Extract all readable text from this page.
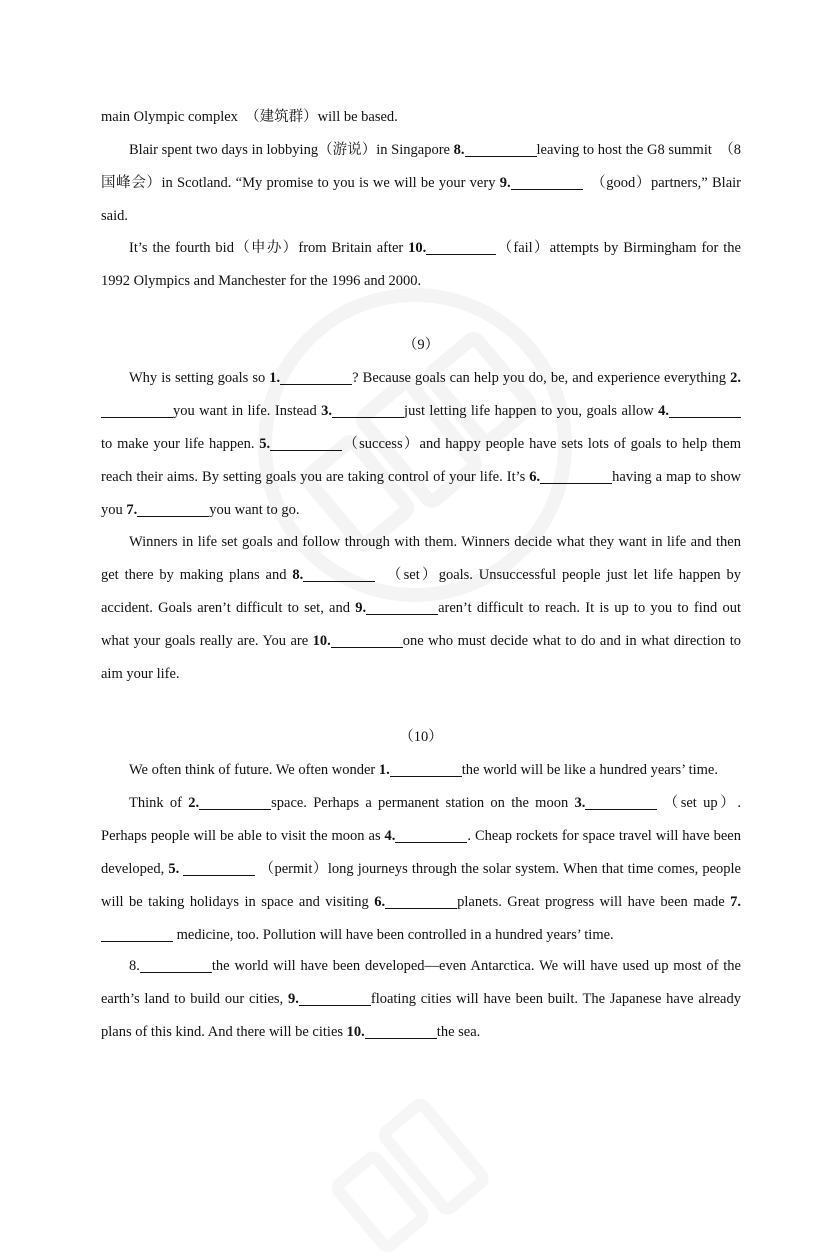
main Olympic complex  （建筑群）will be based.

Blair spent two days in lobbying（游说）in Singapore 8.	leaving to host the G8 summit  （8国峰会）in Scotland. “My promise to you is we will be your very 9.	（good）partners,” Blair said.

It’s the fourth bid（申办）from Britain after 10.	（fail）attempts by Birmingham for the 1992 Olympics and Manchester for the 1996 and 2000.

（9）

Why is setting goals so 1.	? Because goals can help you do, be, and experience everything 2.you want in life. Instead 3.	just letting life happen to you, goals allow 4.to make your life happen. 5.	（success）and happy people have sets lots of goals to help them reach their aims. By setting goals you are taking control of your life. It’s 6.	having a map to show you 7.	you want to go.

Winners in life set goals and follow through with them. Winners decide what they want in life and then get there by making plans and 8.	（set）goals. Unsuccessful people just let life happen by accident. Goals aren’t difficult to set, and 9.	aren’t difficult to reach. It is up to you to find out what your goals really are. You are 10.	one who must decide what to do and in what direction to aim your life.

（10）

We often think of future. We often wonder 1.	the world will be like a hundred years’ time.

Think of 2.	space. Perhaps a permanent station on the moon 3.	（set up）. Perhaps people will be able to visit the moon as 4.	. Cheap rockets for space travel will have been developed, 5.	（permit）long journeys through the solar system. When that time comes, people will be taking holidays in space and visiting 6.	planets. Great progress will have been made 7. medicine, too. Pollution will have been controlled in a hundred years’ time.

8.	the world will have been developed—even Antarctica. We will have used up most of the earth’s land to build our cities, 9.	floating cities will have been built. The Japanese have already plans of this kind. And there will be cities 10.	the sea.
